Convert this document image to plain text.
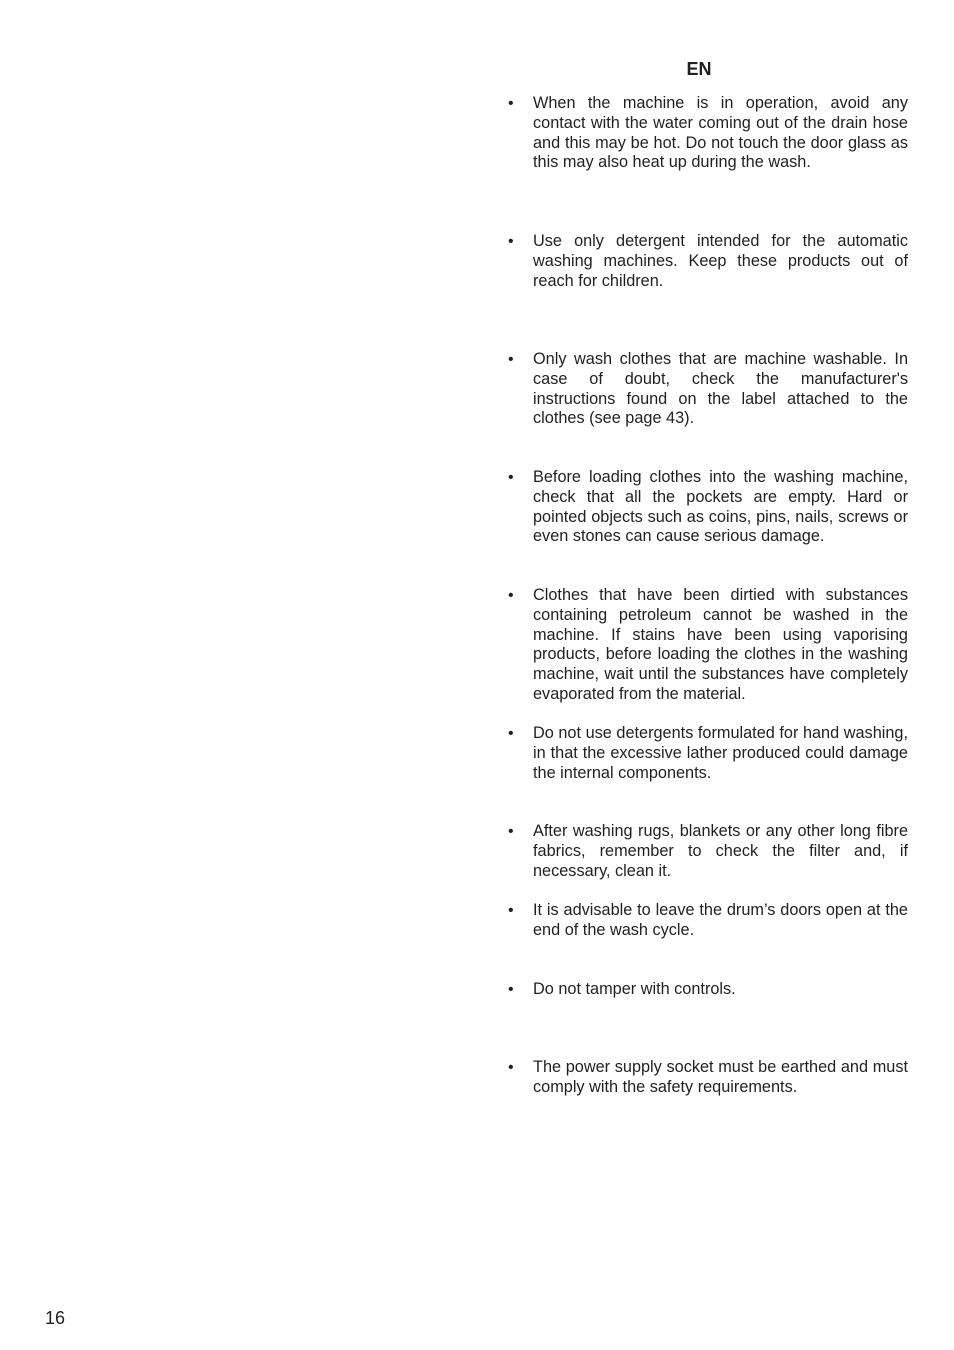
EN
• When the machine is in operation, avoid any contact with the water coming out of the drain hose and this may be hot. Do not touch the door glass as this may also heat up during the wash.
• Use only detergent intended for the automatic washing machines. Keep these products out of reach for children.
• Only wash clothes that are machine washable. In case of doubt, check the manufacturer's instructions found on the label attached to the clothes (see page 43).
• Before loading clothes into the washing machine, check that all the pockets are empty. Hard or pointed objects such as coins, pins, nails, screws or even stones can cause serious damage.
• Clothes that have been dirtied with substances containing petroleum cannot be washed in the machine. If stains have been using vaporising products, before loading the clothes in the washing machine, wait until the substances have completely evaporated from the material.
• Do not use detergents formulated for hand washing, in that the excessive lather produced could damage the internal components.
• After washing rugs, blankets or any other long fibre fabrics, remember to check the filter and, if necessary, clean it.
• It is advisable to leave the drum’s doors open at the end of the wash cycle.
• Do not tamper with controls.
• The power supply socket must be earthed and must comply with the safety requirements.
16
